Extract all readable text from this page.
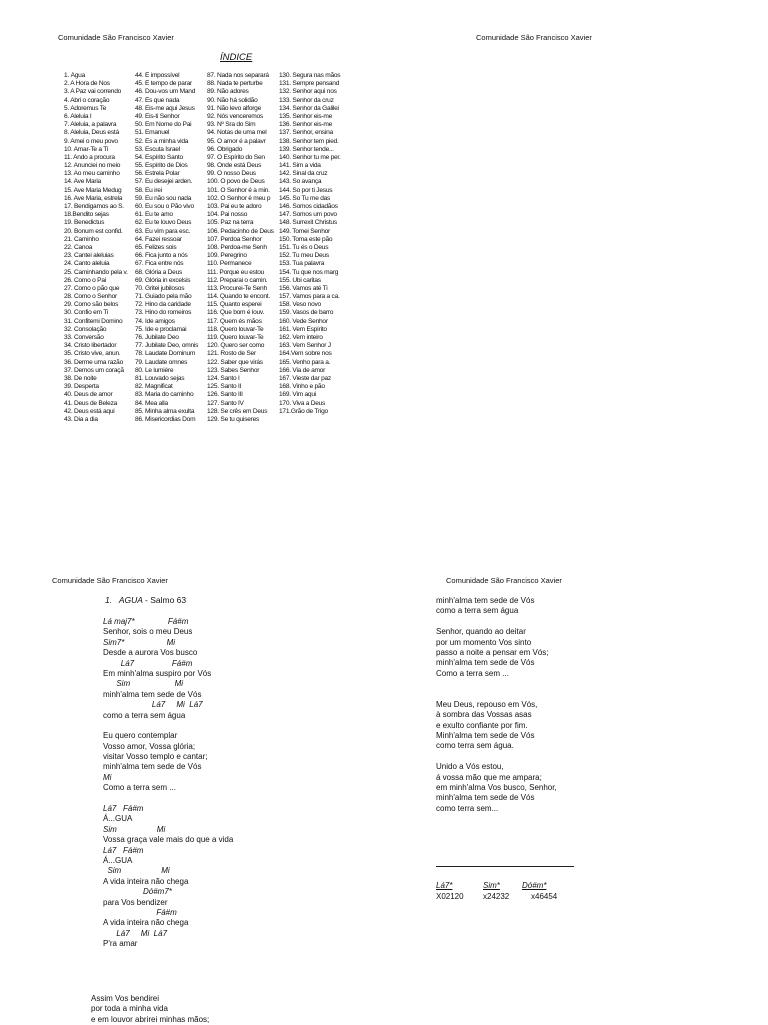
Comunidade São Francisco Xavier	Comunidade São Francisco Xavier
ÍNDICE
1. Água
2. A Hora de Nos
3. A Paz vai correndo
4. Abri o coração
5. Adoremus Te
6. Aleluia I
7. Aleluia, a palavra
8. Aleluia, Deus está
9. Amei o meu povo
10. Amar-Te a Ti
11. Ando a procura
12. Anunciei no meio
13. Ao meu caminho
14. Ave Maria
15. Ave Maria Medug
16. Ave Maria, estrela
17. Bendigamos ao S.
18.Bendito sejas
19. Benedictus
20. Bonum est confid.
21. Caminho
22. Canoa
23. Cantei aleluias
24. Canto aleluia
25. Caminhando pela v.
26. Como o Pai
27. Como o pão que
28. Como o Senhor
29. Como são belos
30. Confio em Ti
31. Confitemi Domino
32. Consolação
33. Conversão
34. Cristo libertador
35. Cristo vive, anun.
36. Derme uma razão
37. Demos um coraçã
38. De noite
39. Desperta
40. Deus de amor
41. Deus de Beleza
42. Deus está aqui
43. Dia a dia
44. É impossível
45. É tempo de parar
46. Dou-vos um Mand
47. És que nada
48. Eis-me aqui Jesus
49. Eis-ti Senhor
50. Em Nome do Pai
51. Emanuel
52. És a minha vida
53. Escuta Israel
54. Espírito Santo
55. Espírito de Dios
56. Estrela Polar
57. Eu desejei arden.
58. Eu irei
59. Eu não sou nada
60. Eu sou o Pão vivo
61. Eu te amo
62. Eu te louvo Deus
63. Eu vim para esc.
64. Fazei ressoar
65. Felizes sois
66. Fica junto a nós
67. Fica entre nós
68. Glória a Deus
69. Glória in excelsis
70. Gritei jubilosos
71. Guiado pela mão
72. Hino da caridade
73. Hino do romeiros
74. Ide amigos
75. Ide e proclamai
76. Jubilate Deo
77. Jubilate Deo, omnis
78. Laudate Dominum
79. Laudate omnes
80. Le lumiére
81. Louvado sejas
82. Magnificat
83. Maria do caminho
84. Mea alla
85. Minha alma exulta
86. Misericordias Dom
87. Nada nos separará
88. Nada te perturbe
89. Não adores
90. Não há solidão
91. Não levo alforge
92. Nós venceremos
93. Nº Sra do Sim
94. Notas de uma mel
95. O amor é a palavr
96. Obrigado
97. O Espírito do Sen
98. Onde está Deus
99. O nosso Deus
100. O povo de Deus
101. O Senhor é a min.
102. O Senhor é meu p
103. Pai eu te adoro
104. Pai nosso
105. Paz na terra
106. Pedacinho de Deus
107. Perdoa Senhor
108. Perdoa-me Senh
109. Peregrino
110. Permanece
111. Porque eu estou
112. Preparai o camin.
113. Procurei-Te Senh
114. Quando te encont.
115. Quanto esperei
116. Que bom é louv.
117. Quem és mãos
118. Quero louvar-Te
119. Quero louvar-Te
120. Quero ser como
121. Rosto de Ser
122. Saber que virás
123. Sabes Senhor
124. Santo I
125. Santo II
126. Santo III
127. Santo IV
128. Se crês em Deus
129. Se tu quiseres
130. Segura nas mãos
131. Sempre pensand
132. Senhor aqui nos
133. Senhor da cruz
134. Senhor da Galilei
135. Senhor eis-me
136. Senhor eis-me
137. Senhor, ensina
138. Senhor tem pied.
139. Senhor tende...
140. Senhor tu me per.
141. Sim a vida
142. Sinal da cruz
143. So avança
144. So por ti Jesus
145. So Tu me das
146. Somos cidadãos
147. Somos um povo
148. Surrexit Christus
149. Tomei Senhor
150. Toma este pão
151. Tu és o Deus
152. Tu meu Deus
153. Tua palavra
154. Tu que nos marg
155. Ubi caritas
156. Vamos até Ti
157. Vamos para a ca.
158. Veso novo
159. Vasos de barro
160. Vede Senhor
161. Vem Espírito
162. Vem inteiro
163. Vem Senhor J
164.Vem sobre nos
165. Venho para a.
166. Via de amor
167. Vieste dar paz
168. Vinho e pão
169. Vim aqui
170. Viva a Deus
171.Grão de Trigo
Comunidade São Francisco Xavier	Comunidade São Francisco Xavier
1. AGUA - Salmo 63
Lá maj7*               Fá#m
Senhor, sois o meu Deus
Sim7*                   Mi
Desde a aurora Vos busco
Lá7                 Fá#m
Em minh'alma suspiro por Vós
Sim                    Mi
minh'alma tem sede de Vós
Lá7     Mi  Lá7
como a terra sem água
Eu quero contemplar
Vosso amor, Vossa glória;
visitar Vosso templo e cantar;
minh'alma tem sede de Vós
Mi
Como a terra sem ...
Lá7   Fá#m
Á...GUA
Sim                  Mi
Vossa graça vale mais do que a vida
Lá7   Fá#m
Á...GUA
Sim                  Mi
A vida inteira não chega
Dó#m7*
para Vos bendizer
Fá#m
A vida inteira não chega
Lá7     Mi  Lá7
P'ra amar
Assim Vos bendirei
por toda a minha vida
e em louvor abrirei minhas mãos;
minh'alma tem sede de Vós
como a terra sem água
Senhor, quando ao deitar
por um momento Vos sinto
passo a noite a pensar em Vós;
minh'alma tem sede de Vós
Como a terra sem ...
Meu Deus, repouso em Vós,
à sombra das Vossas asas
e exulto confiante por fim.
Minh'alma tem sede de Vós
como terra sem água.
Unido a Vós estou,
á vossa mão que me ampara;
em minh'alma Vos busco, Senhor,
minh'alma tem sede de Vós
como terra sem...
Lá7*
X02120
Sim*
x24232
Dó#m*
x46454
